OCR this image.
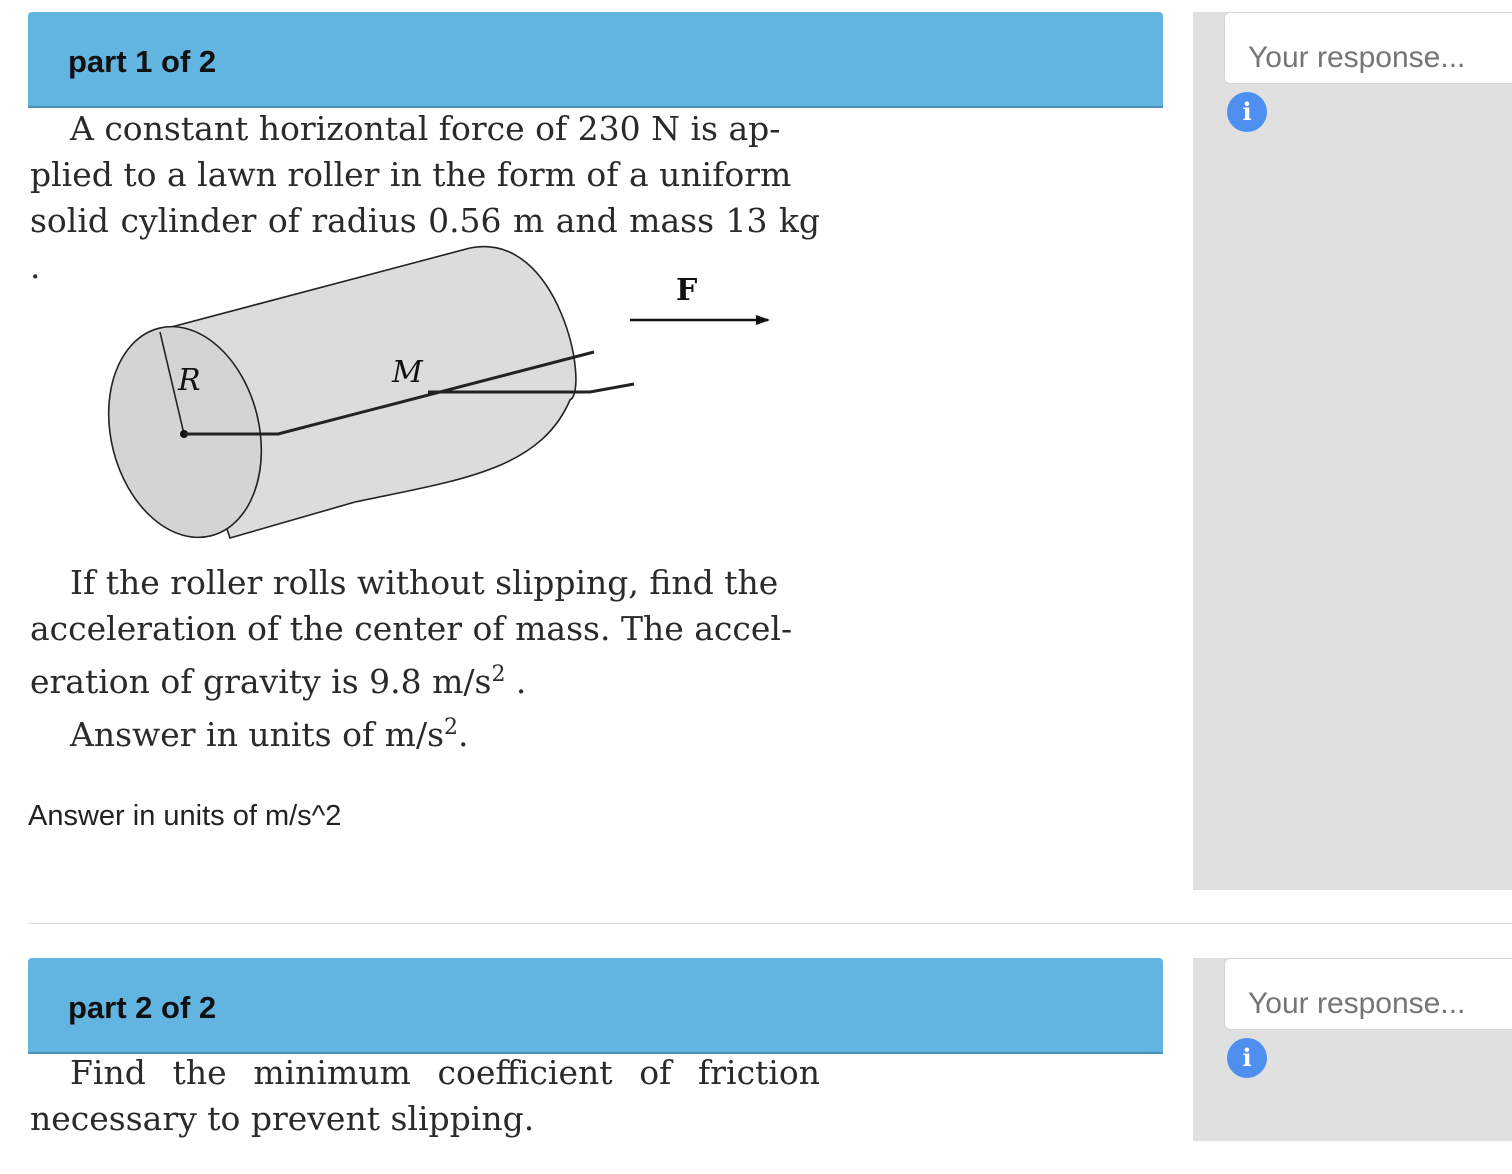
part 1 of 2

A constant horizontal force of 230 N is ap-

plied to a lawn roller in the form of a uniform

solid cylinder of radius 0.56 m and mass 13 kg .

F
R	M

If the roller rolls without slipping, find the

acceleration of the center of mass. The accel-

eration of gravity is 9.8 $m/s^2$ .

Answer in units of $m/s^2$.

Answer in units of m/s^2
Your response...
i
part 2 of 2

Find the minimum coefficient of friction

necessary to prevent slipping.

Your response...
i
